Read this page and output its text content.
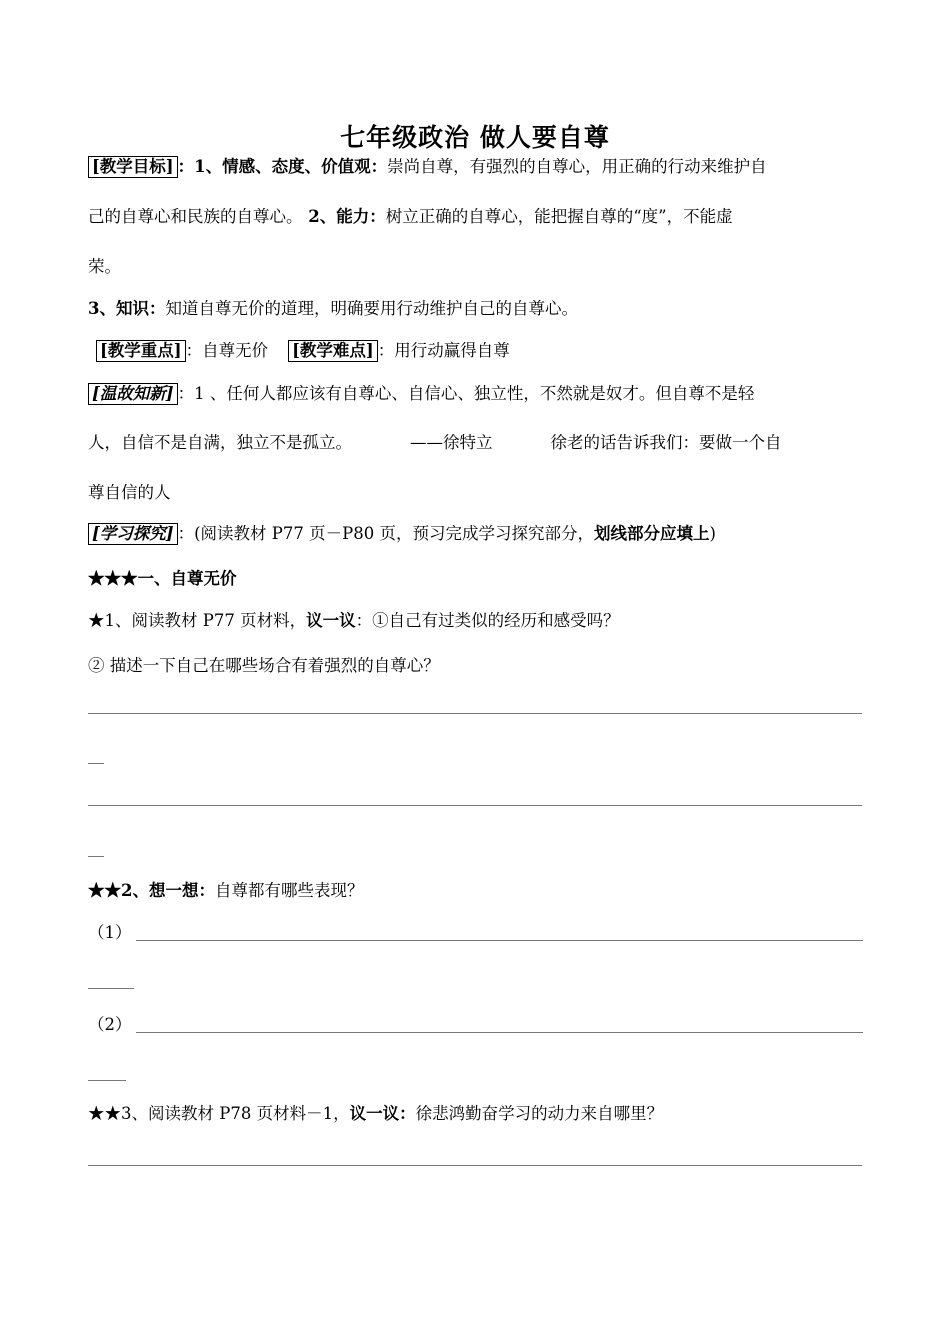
七年级政治 做人要自尊
[教学目标] ：1、情感、态度、价值观：崇尚自尊，有强烈的自尊心，用正确的行动来维护自
己的自尊心和民族的自尊心。 2、能力：树立正确的自尊心，能把握自尊的“度”，不能虚
荣。
3、知识：知道自尊无价的道理，明确要用行动维护自己的自尊心。
[教学重点] ：自尊无价 [教学难点] ：用行动赢得自尊
[温故知新] ：1 、任何人都应该有自尊心、自信心、独立性，不然就是奴才。但自尊不是轻
人，自信不是自满，独立不是孤立。	——徐特立	徐老的话告诉我们：要做一个自
尊自信的人
[学习探究] ：(阅读教材 P77 页－P80 页，预习完成学习探究部分，划线部分应填上)
★★★一、自尊无价
★1、阅读教材 P77 页材料，议一议：①自己有过类似的经历和感受吗？
② 描述一下自己在哪些场合有着强烈的自尊心？
★★2、想一想：自尊都有哪些表现？
（1）
（2）
★★3、阅读教材 P78 页材料－1，议一议：徐悲鸿勤奋学习的动力来自哪里？
